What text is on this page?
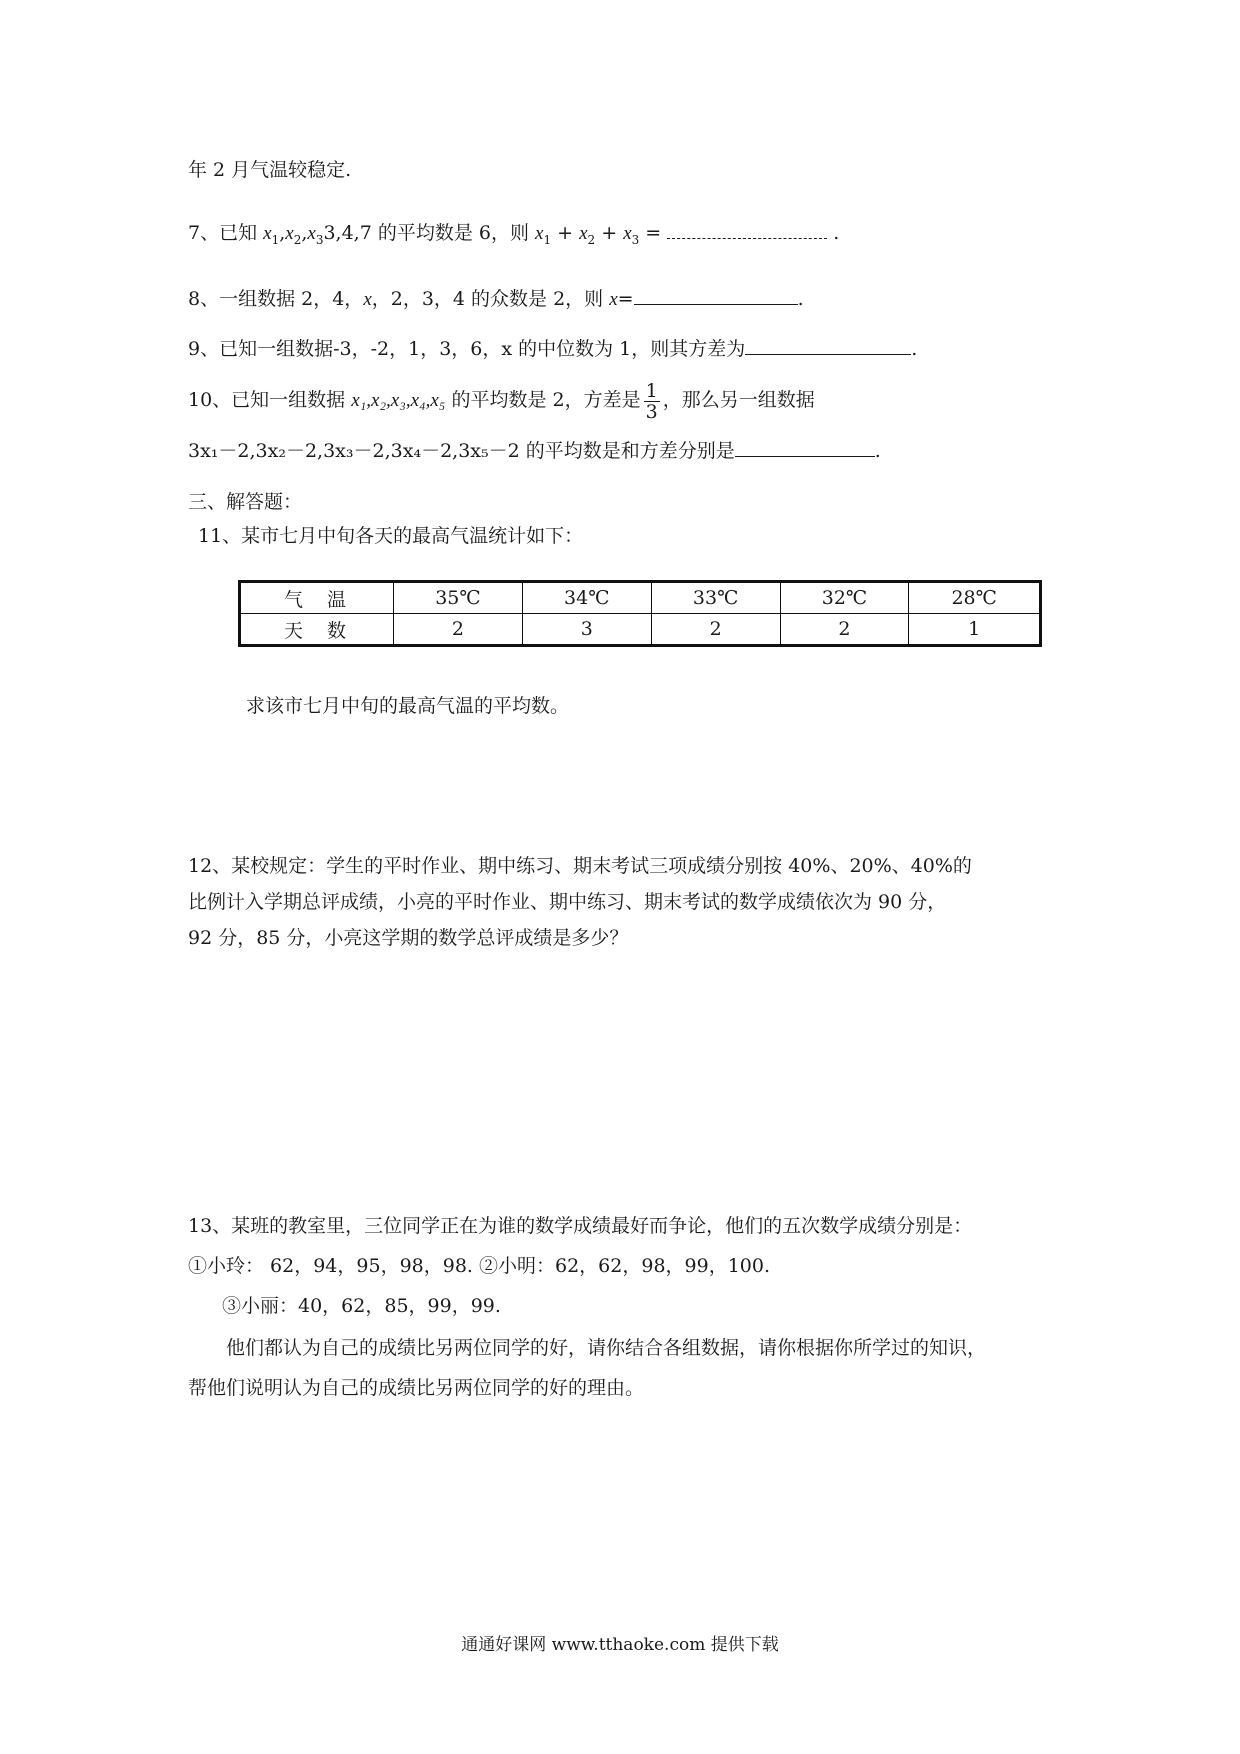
年 2 月气温较稳定.
7、已知 $x_1,x_2,x_33,4,7$ 的平均数是 6，则 $x_1 + x_2 + x_3$ =	.
8、一组数据 2，4，x，2，3，4 的众数是 2，则 x=	.
9、已知一组数据-3，-2，1，3，6，x 的中位数为 1，则其方差为	.
10、已知一组数据 x₁,x₂,x₃,x₄,x₅ 的平均数是 2，方差是 $\frac{1}{3}$ ，那么另一组数据
3x₁－2,3x₂－2,3x₃－2,3x₄－2,3x₅－2 的平均数是和方差分别是	.
三、解答题：
11、某市七月中旬各天的最高气温统计如下：
气温	35℃	34℃	33℃	32℃	28℃
天数	2	3	2	2	1
求该市七月中旬的最高气温的平均数。
12、某校规定：学生的平时作业、期中练习、期末考试三项成绩分别按 40%、20%、40%的
比例计入学期总评成绩，小亮的平时作业、期中练习、期末考试的数学成绩依次为 90 分，
92 分，85 分，小亮这学期的数学总评成绩是多少？
13、某班的教室里，三位同学正在为谁的数学成绩最好而争论，他们的五次数学成绩分别是：
①小玲： 62，94，95，98，98. ②小明：62，62，98，99，100.
③小丽：40，62，85，99，99.
他们都认为自己的成绩比另两位同学的好，请你结合各组数据，请你根据你所学过的知识，
帮他们说明认为自己的成绩比另两位同学的好的理由。
通通好课网 www.tthaoke.com 提供下载
